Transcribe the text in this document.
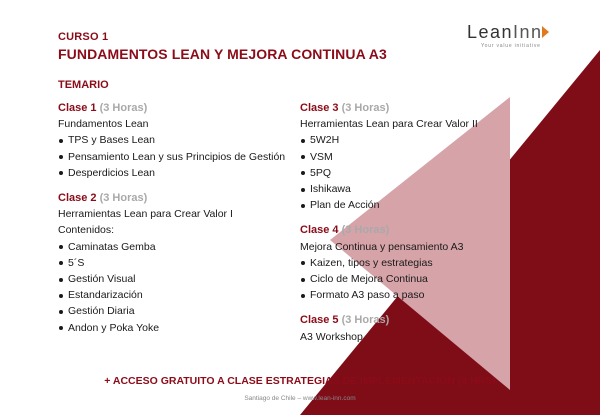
LeanInn
Your value initiative
CURSO 1
FUNDAMENTOS LEAN Y MEJORA CONTINUA A3
TEMARIO
Clase 1 (3 Horas)
Fundamentos Lean
TPS y Bases Lean
Pensamiento Lean y sus Principios de Gestión
Desperdicios Lean
Clase 2 (3 Horas)
Herramientas Lean para Crear Valor I
Contenidos:
Caminatas Gemba
5´S
Gestión Visual
Estandarización
Gestión Diaria
Andon y Poka Yoke
Clase 3 (3 Horas)
Herramientas Lean para Crear Valor II
5W2H
VSM
5PQ
Ishikawa
Plan de Acción
Clase 4 (3 Horas)
Mejora Continua y pensamiento A3
Kaizen, tipos y estrategias
Ciclo de Mejora Continua
Formato A3 paso a paso
Clase 5 (3 Horas)
A3 Workshop
+ ACCESO GRATUITO A CLASE ESTRATEGIAS DE IMPLEMENTACIÓN (3 HRS)
Santiago de Chile – www.lean-inn.com
